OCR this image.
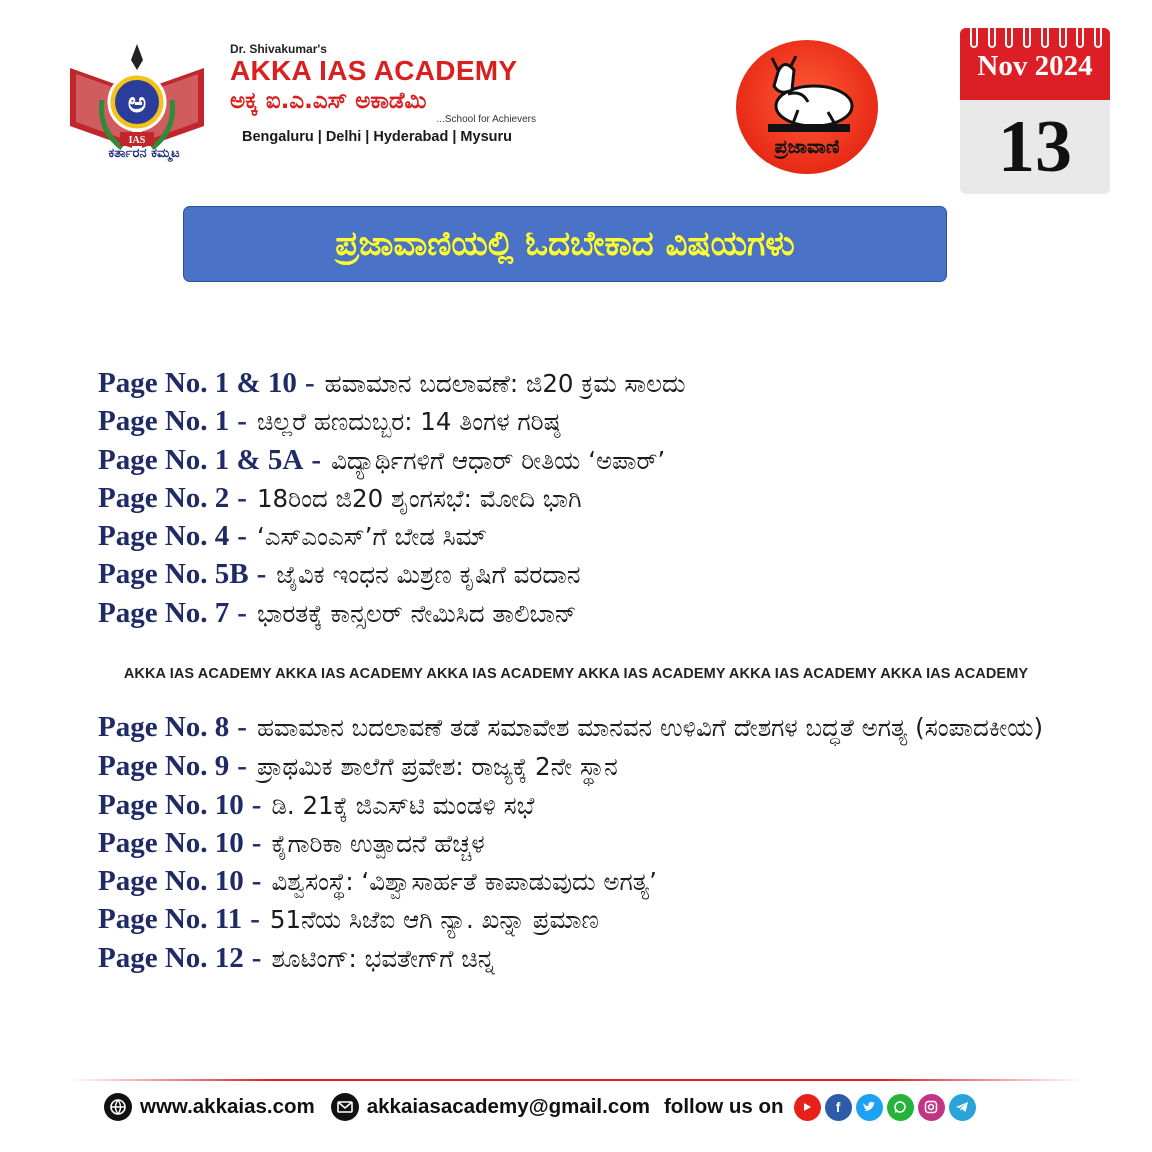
ಅ
IAS
ಕರ್ತಾರನ ಕಮ್ಮಟ
Dr. Shivakumar's
AKKA IAS ACADEMY
ಅಕ್ಕ ಐ.ಎ.ಎಸ್ ಅಕಾಡೆಮಿ
...School for Achievers
Bengaluru | Delhi | Hyderabad | Mysuru	ಪ್ರಜಾವಾಣಿ
Nov 2024
13
ಪ್ರಜಾವಾಣಿಯಲ್ಲಿ ಓದಬೇಕಾದ ವಿಷಯಗಳು
Page No. 1 & 10 - ಹವಾಮಾನ ಬದಲಾವಣೆ: ಜಿ20 ಕ್ರಮ ಸಾಲದು
Page No. 1 - ಚಿಲ್ಲರೆ ಹಣದುಬ್ಬರ: 14 ತಿಂಗಳ ಗರಿಷ್ಠ
Page No. 1 & 5A - ವಿದ್ಯಾರ್ಥಿಗಳಿಗೆ ಆಧಾರ್ ರೀತಿಯ ‘ಅಪಾರ್’
Page No. 2 - 18ರಿಂದ ಜಿ20 ಶೃಂಗಸಭೆ: ಮೋದಿ ಭಾಗಿ
Page No. 4 - ‘ಎಸ್‌ಎಂಎಸ್’ಗೆ ಬೇಡ ಸಿಮ್
Page No. 5B - ಜೈವಿಕ ಇಂಧನ ಮಿಶ್ರಣ ಕೃಷಿಗೆ ವರದಾನ
Page No. 7 - ಭಾರತಕ್ಕೆ ಕಾನ್ಸಲರ್ ನೇಮಿಸಿದ ತಾಲಿಬಾನ್
AKKA IAS ACADEMY AKKA IAS ACADEMY AKKA IAS ACADEMY AKKA IAS ACADEMY AKKA IAS ACADEMY AKKA IAS ACADEMY
Page No. 8 - ಹವಾಮಾನ ಬದಲಾವಣೆ ತಡೆ ಸಮಾವೇಶ ಮಾನವನ ಉಳಿವಿಗೆ ದೇಶಗಳ ಬದ್ಧತೆ ಅಗತ್ಯ (ಸಂಪಾದಕೀಯ)
Page No. 9 - ಪ್ರಾಥಮಿಕ ಶಾಲೆಗೆ ಪ್ರವೇಶ: ರಾಜ್ಯಕ್ಕೆ 2ನೇ ಸ್ಥಾನ
Page No. 10 - ಡಿ. 21ಕ್ಕೆ ಜಿಎಸ್‌ಟಿ ಮಂಡಳಿ ಸಭೆ
Page No. 10 - ಕೈಗಾರಿಕಾ ಉತ್ಪಾದನೆ ಹೆಚ್ಚಳ
Page No. 10 - ವಿಶ್ವಸಂಸ್ಥೆ: ‘ವಿಶ್ವಾಸಾರ್ಹತೆ ಕಾಪಾಡುವುದು ಅಗತ್ಯ’
Page No. 11 - 51ನೆಯ ಸಿಜೆಐ ಆಗಿ ನ್ಯಾ. ಖನ್ನಾ ಪ್ರಮಾಣ
Page No. 12 - ಶೂಟಿಂಗ್: ಭವತೇಗ್‌ಗೆ ಚಿನ್ನ
www.akkaias.com	akkaiasacademy@gmail.com follow us on	f
